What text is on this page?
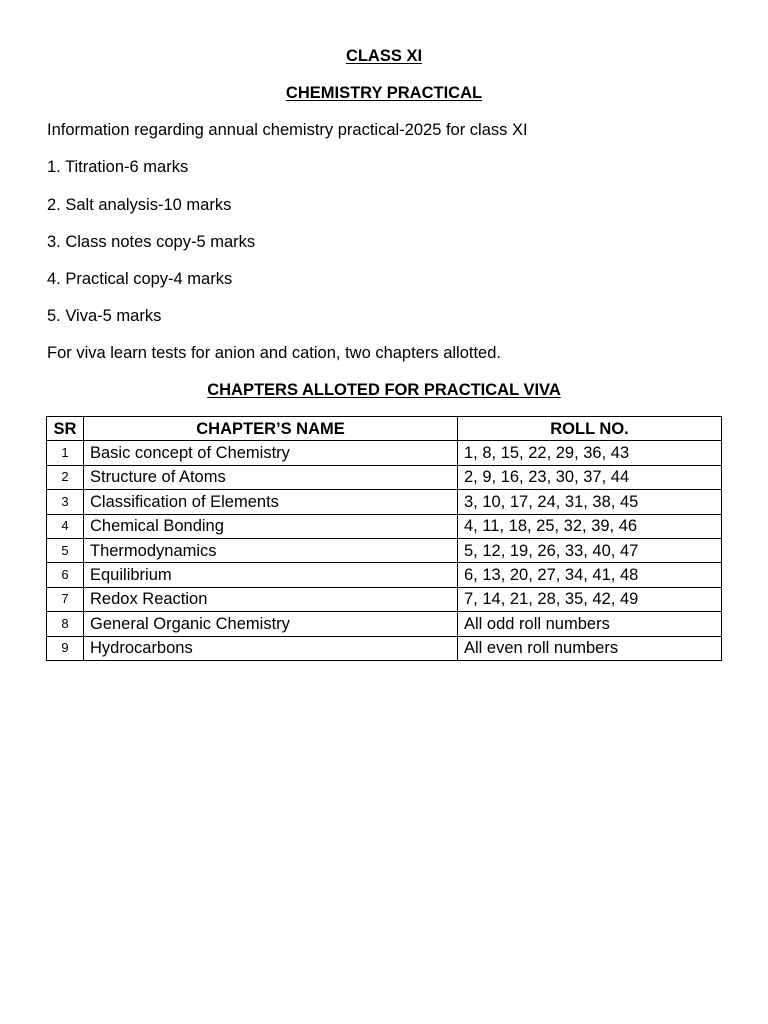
CLASS XI
CHEMISTRY PRACTICAL
Information regarding annual chemistry practical-2025 for class XI
1. Titration-6 marks
2. Salt analysis-10 marks
3. Class notes copy-5 marks
4. Practical copy-4 marks
5. Viva-5 marks
For viva learn tests for anion and cation, two chapters allotted.
CHAPTERS ALLOTED FOR PRACTICAL VIVA
SR	CHAPTER’S NAME	ROLL NO.
1	Basic concept of Chemistry	1, 8, 15, 22, 29, 36, 43
2	Structure of Atoms	2, 9, 16, 23, 30, 37, 44
3	Classification of Elements	3, 10, 17, 24, 31, 38, 45
4	Chemical Bonding	4, 11, 18, 25, 32, 39, 46
5	Thermodynamics	5, 12, 19, 26, 33, 40, 47
6	Equilibrium	6, 13, 20, 27, 34, 41, 48
7	Redox Reaction	7, 14, 21, 28, 35, 42, 49
8	General Organic Chemistry	All odd roll numbers
9	Hydrocarbons	All even roll numbers
